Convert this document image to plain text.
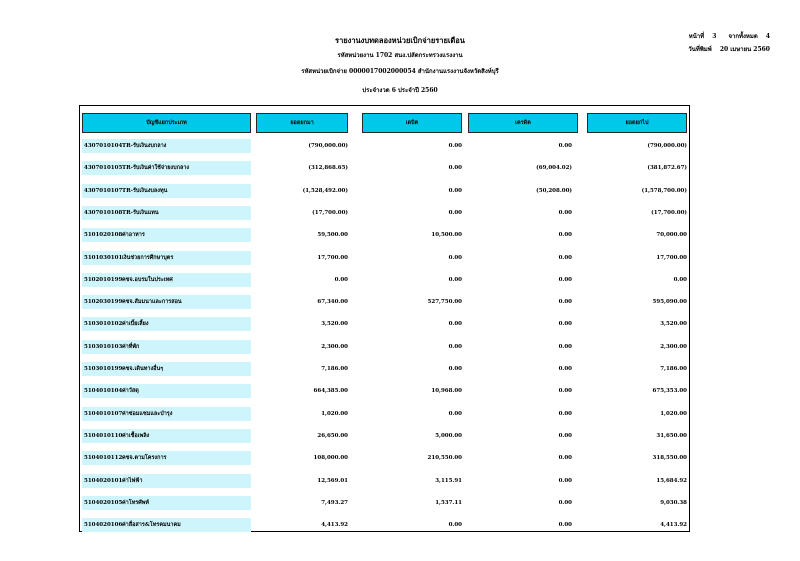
รายงานงบทดลองหน่วยเบิกจ่ายรายเดือน
รหัสหน่วยงาน 1702 สนง.ปลัดกระทรวงแรงงาน
รหัสหน่วยเบิกจ่าย 0000017002000054 สำนักงานแรงงานจังหวัดสิงห์บุรี
ประจำงวด 6 ประจำปี 2560
หน้าที่ 3 จากทั้งหมด 4
วันที่พิมพ์ 20 เมษายน 2560
บัญชีแยกประเภท	ยอดยกมา	เดบิต	เครดิต	ยอดยกไป
4307010104TR-รับเงินงบกลาง	(790,000.00)	0.00	0.00	(790,000.00)
4307010105TR-รับเงินค่าใช้จ่ายงบกลาง	(312,868.65)	0.00	(69,004.02)	(381,872.67)
4307010107TR-รับเงินงบลงทุน	(1,528,492.00)	0.00	(50,208.00)	(1,578,700.00)
4307010108TR-รับเงินแทน	(17,700.00)	0.00	0.00	(17,700.00)
5101020108ค่าอาหาร	59,500.00	10,500.00	0.00	70,000.00
5101030101เงินช่วยการศึกษาบุตร	17,700.00	0.00	0.00	17,700.00
5102010199คชจ.อบรมในประเทศ	0.00	0.00	0.00	0.00
5102030199คชจ.สัมมนาและการสอน	67,340.00	527,750.00	0.00	595,090.00
5103010102ค่าเบี้ยเลี้ยง	3,520.00	0.00	0.00	3,520.00
5103010103ค่าที่พัก	2,300.00	0.00	0.00	2,300.00
5103010199คชจ.เดินทางอื่นๆ	7,186.00	0.00	0.00	7,186.00
5104010104ค่าวัสดุ	664,385.00	10,968.00	0.00	675,353.00
5104010107ค่าซ่อมแซมและบำรุง	1,020.00	0.00	0.00	1,020.00
5104010110ค่าเชื้อเพลิง	26,650.00	5,000.00	0.00	31,650.00
5104010112คชจ.ตามโครงการ	108,000.00	210,550.00	0.00	318,550.00
5104020101ค่าไฟฟ้า	12,569.01	3,115.91	0.00	15,684.92
5104020105ค่าโทรศัพท์	7,493.27	1,537.11	0.00	9,030.38
5104020106ค่าสื่อสาร&โทรคมนาคม	4,413.92	0.00	0.00	4,413.92
